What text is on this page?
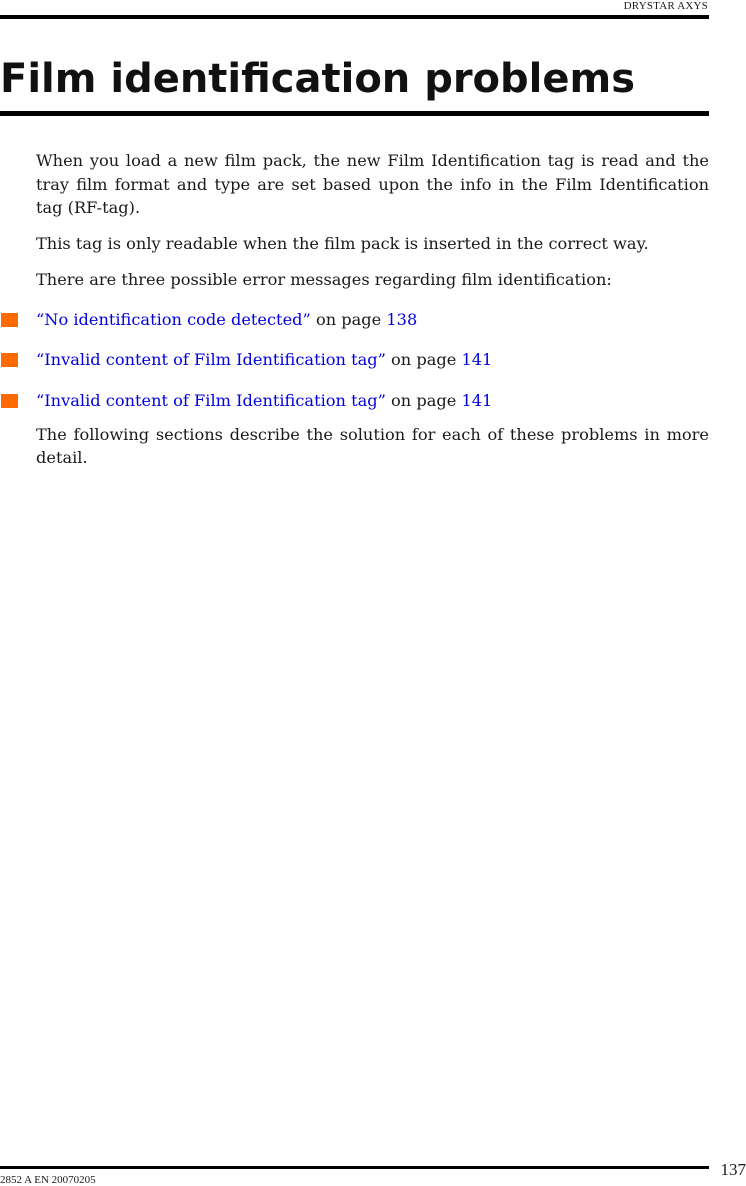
DRYSTAR AXYS
Film identification problems

When you load a new film pack, the new Film Identification tag is read and the tray film format and type are set based upon the info in the Film Identification tag (RF-tag).

This tag is only readable when the film pack is inserted in the correct way.

There are three possible error messages regarding film identification:

“No identification code detected” on page 138
“Invalid content of Film Identification tag” on page 141
“Invalid content of Film Identification tag” on page 141

The following sections describe the solution for each of these problems in more detail.

2852 A EN 20070205
137
